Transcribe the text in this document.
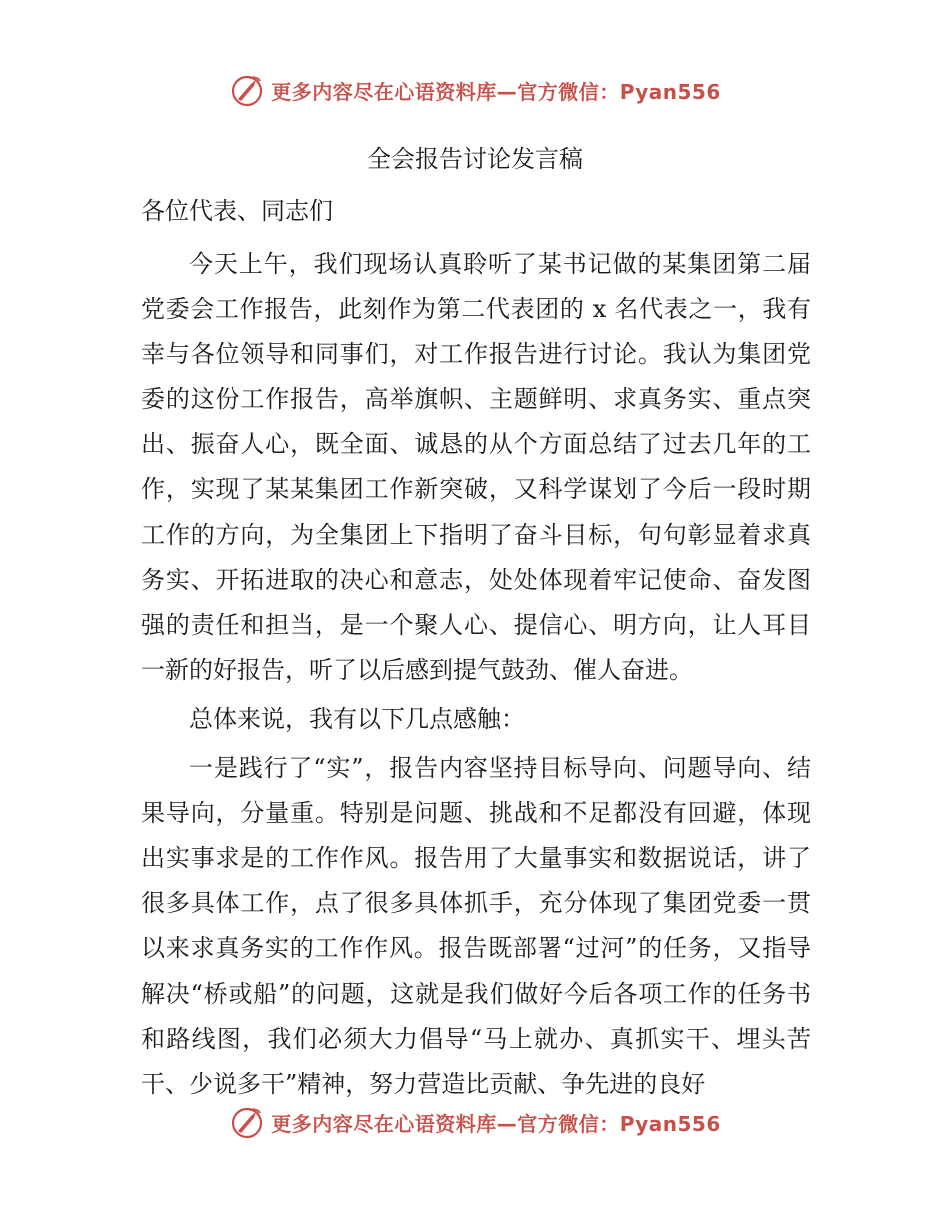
更多内容尽在心语资料库—官方微信：Pyan556
全会报告讨论发言稿
各位代表、同志们

今天上午，我们现场认真聆听了某书记做的某集团第二届党委会工作报告，此刻作为第二代表团的 x 名代表之一，我有幸与各位领导和同事们，对工作报告进行讨论。我认为集团党委的这份工作报告，高举旗帜、主题鲜明、求真务实、重点突出、振奋人心，既全面、诚恳的从个方面总结了过去几年的工作，实现了某某集团工作新突破，又科学谋划了今后一段时期工作的方向，为全集团上下指明了奋斗目标，句句彰显着求真务实、开拓进取的决心和意志，处处体现着牢记使命、奋发图强的责任和担当，是一个聚人心、提信心、明方向，让人耳目一新的好报告，听了以后感到提气鼓劲、催人奋进。

总体来说，我有以下几点感触：

一是践行了“实”，报告内容坚持目标导向、问题导向、结果导向，分量重。特别是问题、挑战和不足都没有回避，体现出实事求是的工作作风。报告用了大量事实和数据说话，讲了很多具体工作，点了很多具体抓手，充分体现了集团党委一贯以来求真务实的工作作风。报告既部署“过河”的任务，又指导解决“桥或船”的问题，这就是我们做好今后各项工作的任务书和路线图，我们必须大力倡导“马上就办、真抓实干、埋头苦干、少说多干”精神，努力营造比贡献、争先进的良好

更多内容尽在心语资料库—官方微信：Pyan556
